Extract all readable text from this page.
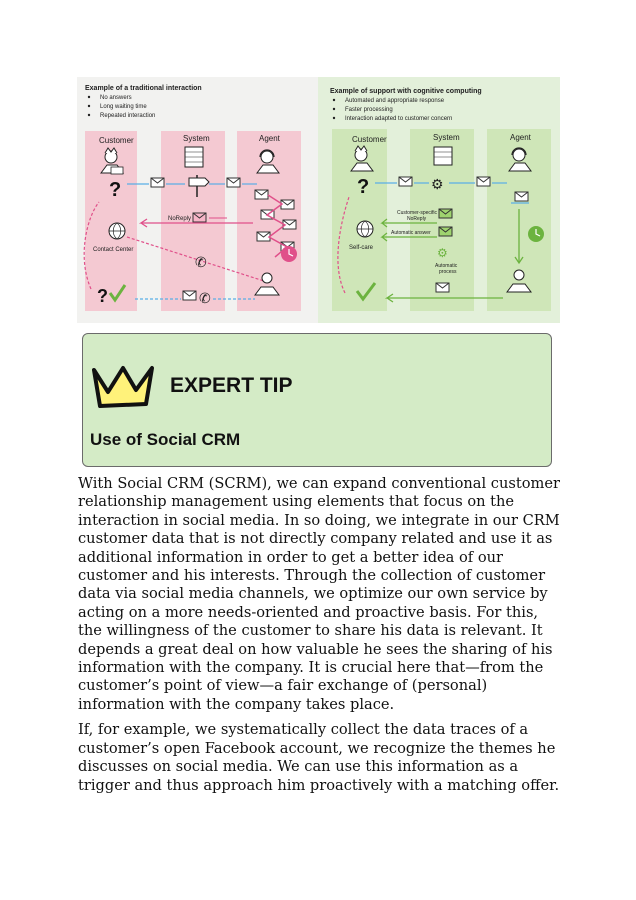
Example of a traditional interaction
No answers
Long waiting time
Repeated interaction
Customer	System	Agent
?
NoReply
Contact Center
✆
?	✆
Example of support with cognitive computing
Automated and appropriate response
Faster processing
Interaction adapted to customer concern
Customer	System	Agent
?	⚙
Customer-specific
NoReply
Automatic answer
Self-care	⚙
Automatic
process
EXPERT TIP
Use of Social CRM

With Social CRM (SCRM), we can expand conventional customer relationship management using elements that focus on the interaction in social media. In so doing, we integrate in our CRM customer data that is not directly company related and use it as additional information in order to get a better idea of our customer and his interests. Through the collection of customer data via social media channels, we optimize our own service by acting on a more needs-oriented and proactive basis. For this, the willingness of the customer to share his data is relevant. It depends a great deal on how valuable he sees the sharing of his information with the company. It is crucial here that—from the customer’s point of view—a fair exchange of (personal) information with the company takes place.

If, for example, we systematically collect the data traces of a customer’s open Facebook account, we recognize the themes he discusses on social media. We can use this information as a trigger and thus approach him proactively with a matching offer.
